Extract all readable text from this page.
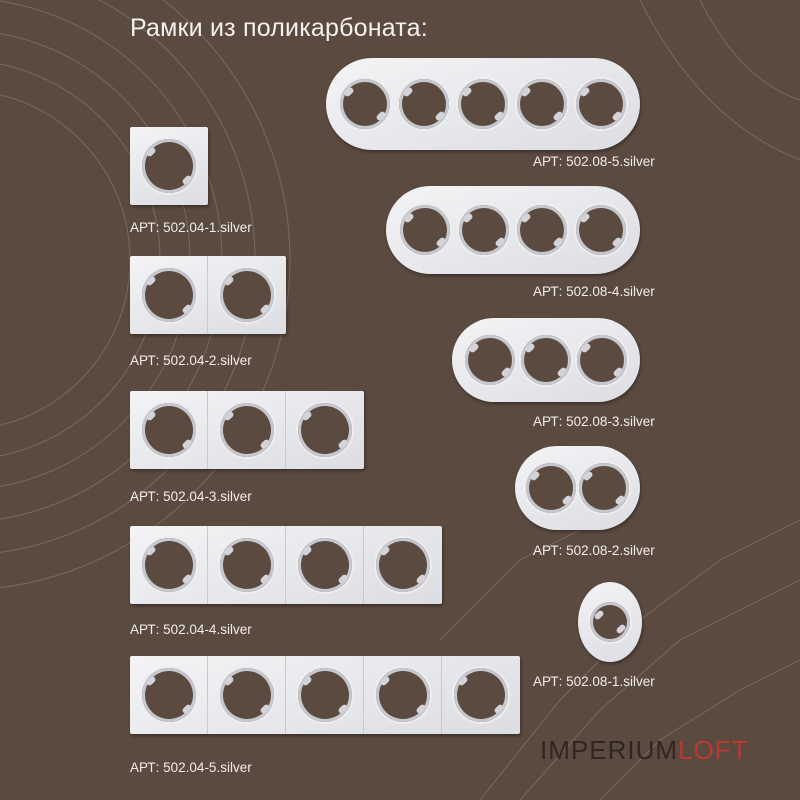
Рамки из поликарбоната:
АРТ: 502.04-1.silver
АРТ: 502.04-2.silver
АРТ: 502.04-3.silver
АРТ: 502.04-4.silver
АРТ: 502.04-5.silver
АРТ: 502.08-5.silver
АРТ: 502.08-4.silver
АРТ: 502.08-3.silver
АРТ: 502.08-2.silver
АРТ: 502.08-1.silver
IMPERIUMLOFT
